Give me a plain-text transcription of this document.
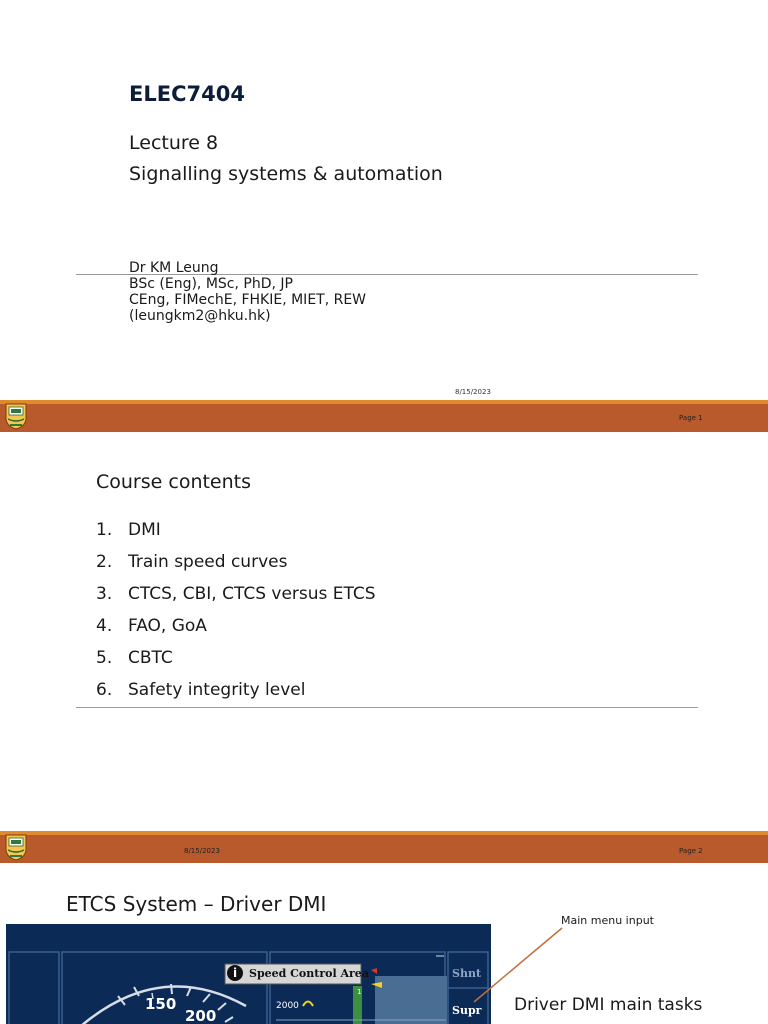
ELEC7404
Lecture 8
Signalling systems & automation
Dr KM Leung
BSc (Eng), MSc, PhD, JP
CEng, FIMechE, FHKIE, MIET, REW
(leungkm2@hku.hk)
8/15/2023
Page 1
Course contents
1. DMI
2. Train speed curves
3. CTCS, CBI, CTCS versus ETCS
4. FAO, GoA
5. CBTC
6. Safety integrity level
8/15/2023	Page 2
ETCS System – Driver DMI
i	Speed Control Area
150
200
2000
1
Shnt
Supr
Main menu input
Driver DMI main tasks
